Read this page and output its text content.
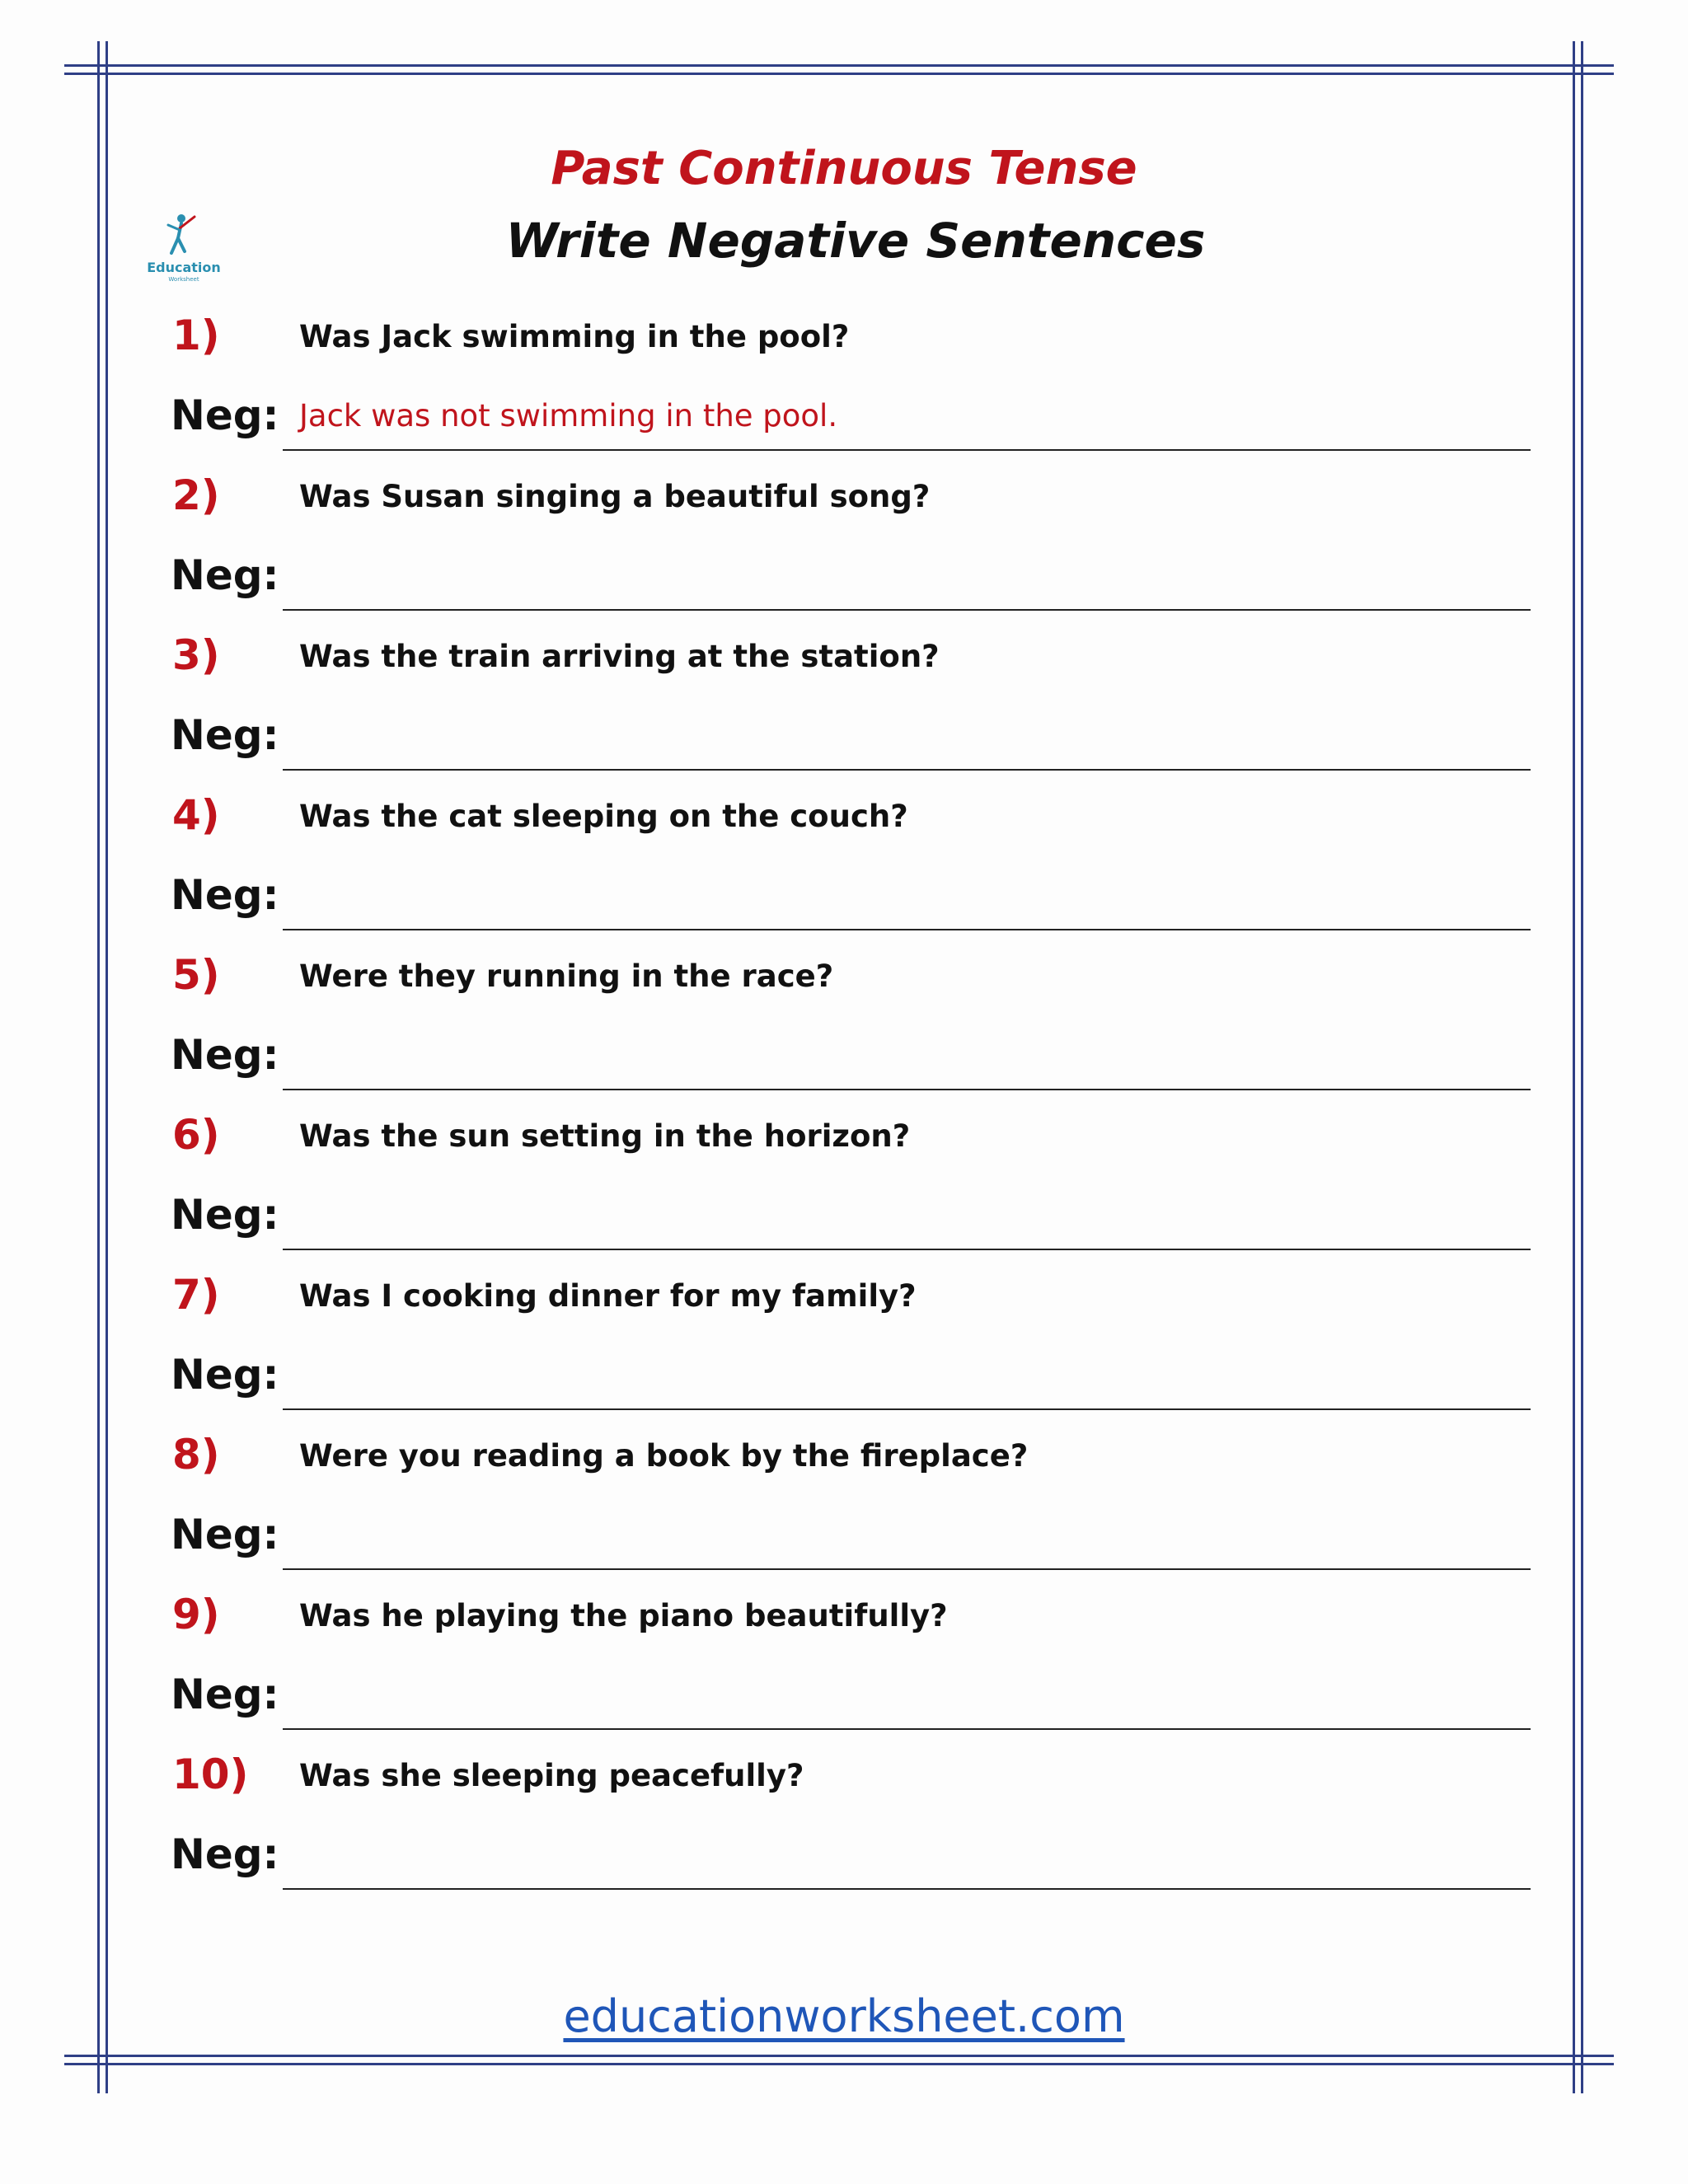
Education
Worksheet
Past Continuous Tense
Write Negative Sentences
1)	Was Jack swimming in the pool?
Neg: Jack was not swimming in the pool.
2)	Was Susan singing a beautiful song?
Neg:
3)	Was the train arriving at the station?
Neg:
4)	Was the cat sleeping on the couch?
Neg:
5)	Were they running in the race?
Neg:
6)	Was the sun setting in the horizon?
Neg:
7)	Was I cooking dinner for my family?
Neg:
8)	Were you reading a book by the fireplace?
Neg:
9)	Was he playing the piano beautifully?
Neg:
10) Was she sleeping peacefully?
Neg:
educationworksheet.com
